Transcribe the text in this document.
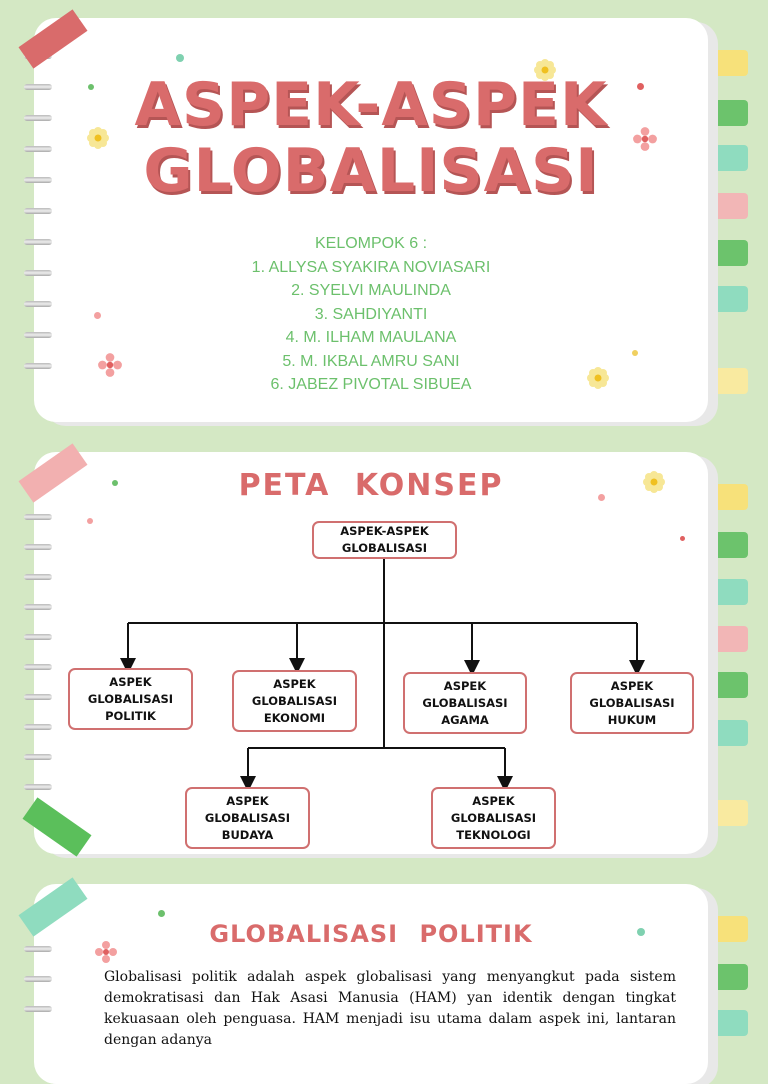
ASPEK-ASPEK
GLOBALISASI
KELOMPOK 6 :
1. ALLYSA SYAKIRA NOVIASARI
2. SYELVI MAULINDA
3. SAHDIYANTI
4. M. ILHAM MAULANA
5. M. IKBAL AMRU SANI
6. JABEZ PIVOTAL SIBUEA
PETA KONSEP
ASPEK-ASPEK
GLOBALISASI
ASPEK
GLOBALISASI
POLITIK
ASPEK
GLOBALISASI
EKONOMI
ASPEK
GLOBALISASI
AGAMA
ASPEK
GLOBALISASI
HUKUM
ASPEK
GLOBALISASI
BUDAYA
ASPEK
GLOBALISASI
TEKNOLOGI
GLOBALISASI POLITIK
Globalisasi politik adalah aspek globalisasi yang menyangkut pada sistem demokratisasi dan Hak Asasi Manusia (HAM) yan identik dengan tingkat kekuasaan oleh penguasa. HAM menjadi isu utama dalam aspek ini, lantaran dengan adanya
